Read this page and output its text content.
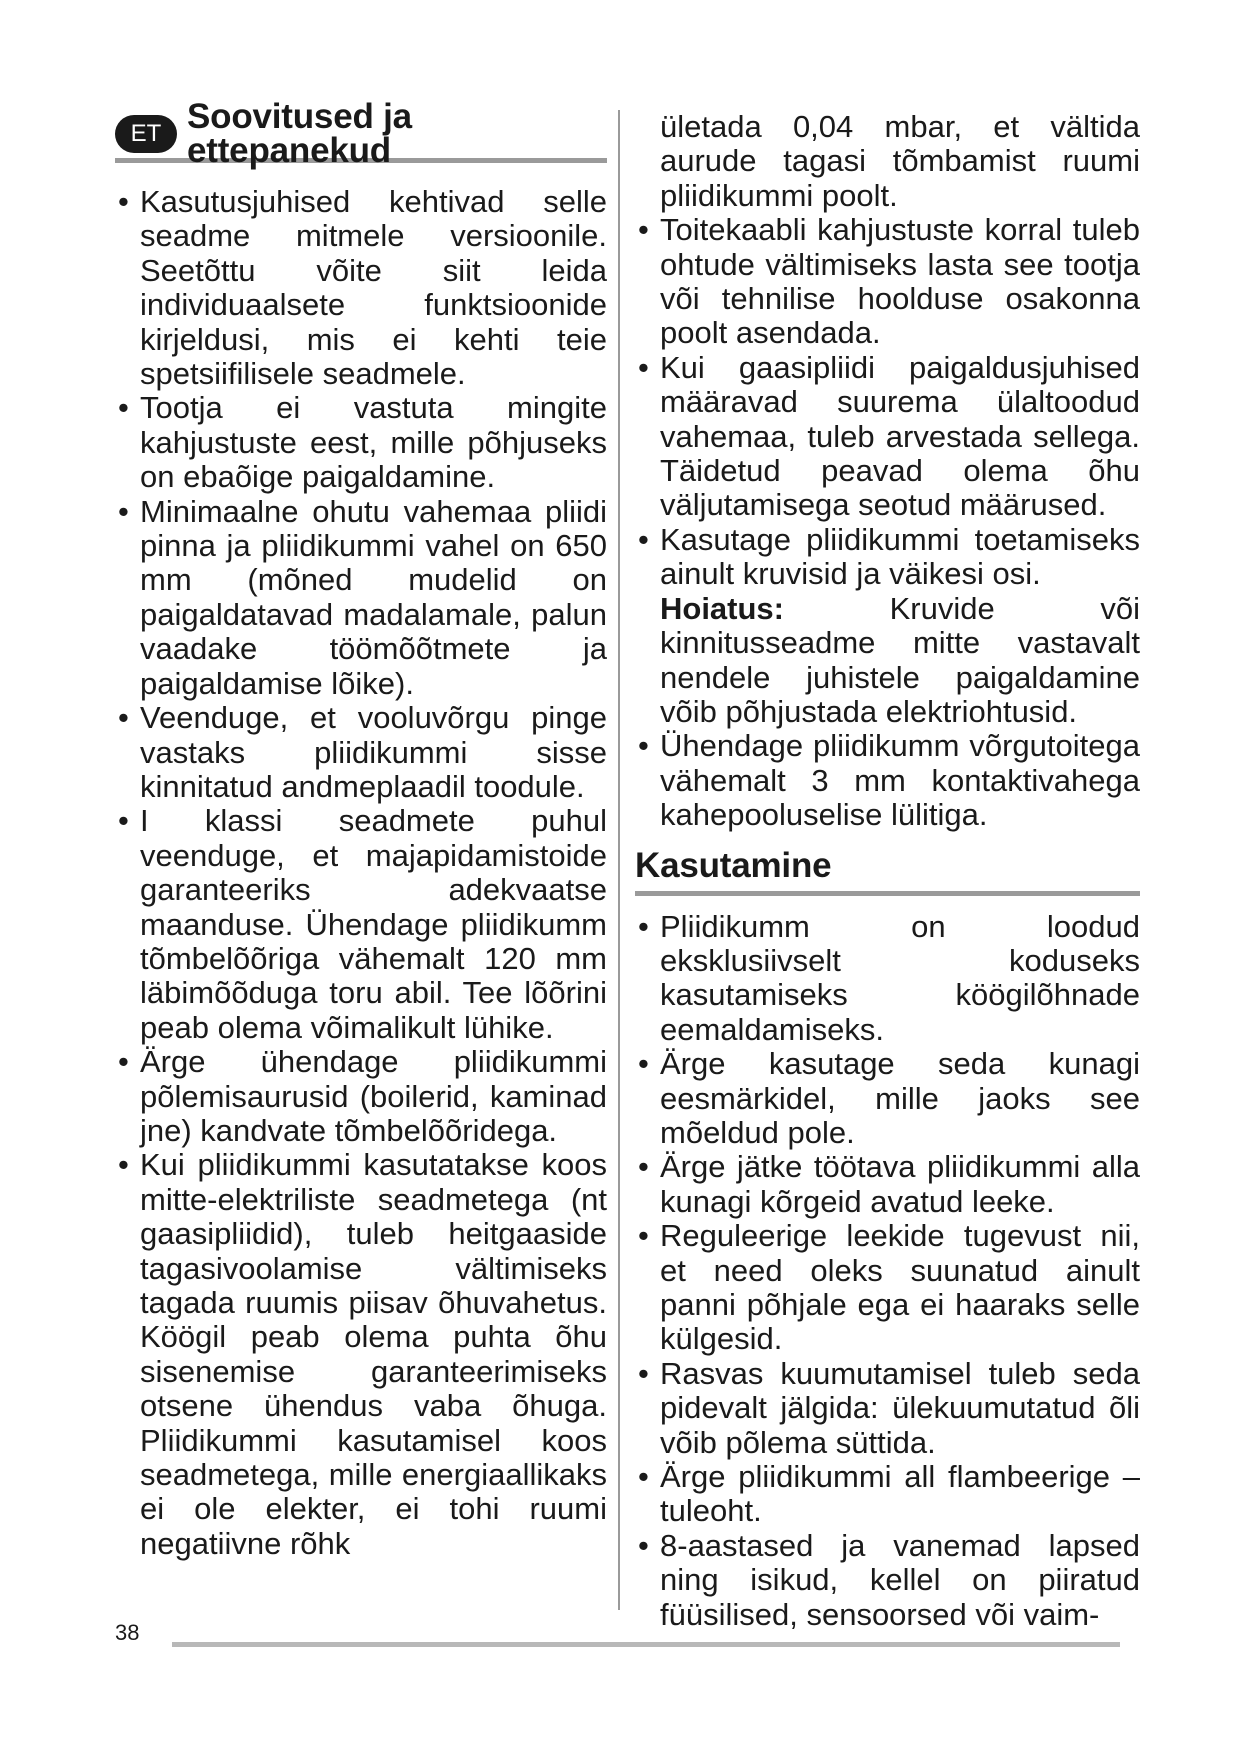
ET Soovitused ja ettepanekud
• Kasutusjuhised kehtivad selle seadme mitmele versioonile. Seetõttu võite siit leida individuaalsete funktsioonide kirjeldusi, mis ei kehti teie spetsiifilisele seadmele.
• Tootja ei vastuta mingite kahjustuste eest, mille põhjuseks on ebaõige paigaldamine.
• Minimaalne ohutu vahemaa pliidi pinna ja pliidikummi vahel on 650 mm (mõned mudelid on paigaldatavad madalamale, palun vaadake töömõõtmete ja paigaldamise lõike).
• Veenduge, et vooluvõrgu pinge vastaks pliidikummi sisse kinnitatud andmeplaadil toodule.
• I klassi seadmete puhul veenduge, et majapidamistoide garanteeriks adekvaatse maanduse. Ühendage pliidikumm tõmbelõõriga vähemalt 120 mm läbimõõduga toru abil. Tee lõõrini peab olema võimalikult lühike.
• Ärge ühendage pliidikummi põlemisaurusid (boilerid, kaminad jne) kandvate tõmbelõõridega.
• Kui pliidikummi kasutatakse koos mitte-elektriliste seadmetega (nt gaasipliidid), tuleb heitgaaside tagasivoolamise vältimiseks tagada ruumis piisav õhuvahetus. Köögil peab olema puhta õhu sisenemise garanteerimiseks otsene ühendus vaba õhuga. Pliidikummi kasutamisel koos seadmetega, mille energiaallikaks ei ole elekter, ei tohi ruumi negatiivne rõhk
ületada 0,04 mbar, et vältida aurude tagasi tõmbamist ruumi pliidikummi poolt.
• Toitekaabli kahjustuste korral tuleb ohtude vältimiseks lasta see tootja või tehnilise hoolduse osakonna poolt asendada.
• Kui gaasipliidi paigaldusjuhised määravad suurema ülaltoodud vahemaa, tuleb arvestada sellega. Täidetud peavad olema õhu väljutamisega seotud määrused.
• Kasutage pliidikummi toetamiseks ainult kruvisid ja väikesi osi.
Hoiatus: Kruvide või kinnitusseadme mitte vastavalt nendele juhistele paigaldamine võib põhjustada elektriohtusid.
• Ühendage pliidikumm võrgutoitega vähemalt 3 mm kontaktivahega kahepooluselise lülitiga.
Kasutamine
• Pliidikumm on loodud eksklusiivselt koduseks kasutamiseks köögilõhnade eemaldamiseks.
• Ärge kasutage seda kunagi eesmärkidel, mille jaoks see mõeldud pole.
• Ärge jätke töötava pliidikummi alla kunagi kõrgeid avatud leeke.
• Reguleerige leekide tugevust nii, et need oleks suunatud ainult panni põhjale ega ei haaraks selle külgesid.
• Rasvas kuumutamisel tuleb seda pidevalt jälgida: ülekuumutatud õli võib põlema süttida.
• Ärge pliidikummi all flambeerige – tuleoht.
• 8-aastased ja vanemad lapsed ning isikud, kellel on piiratud füüsilised, sensoorsed või vaim-
38
